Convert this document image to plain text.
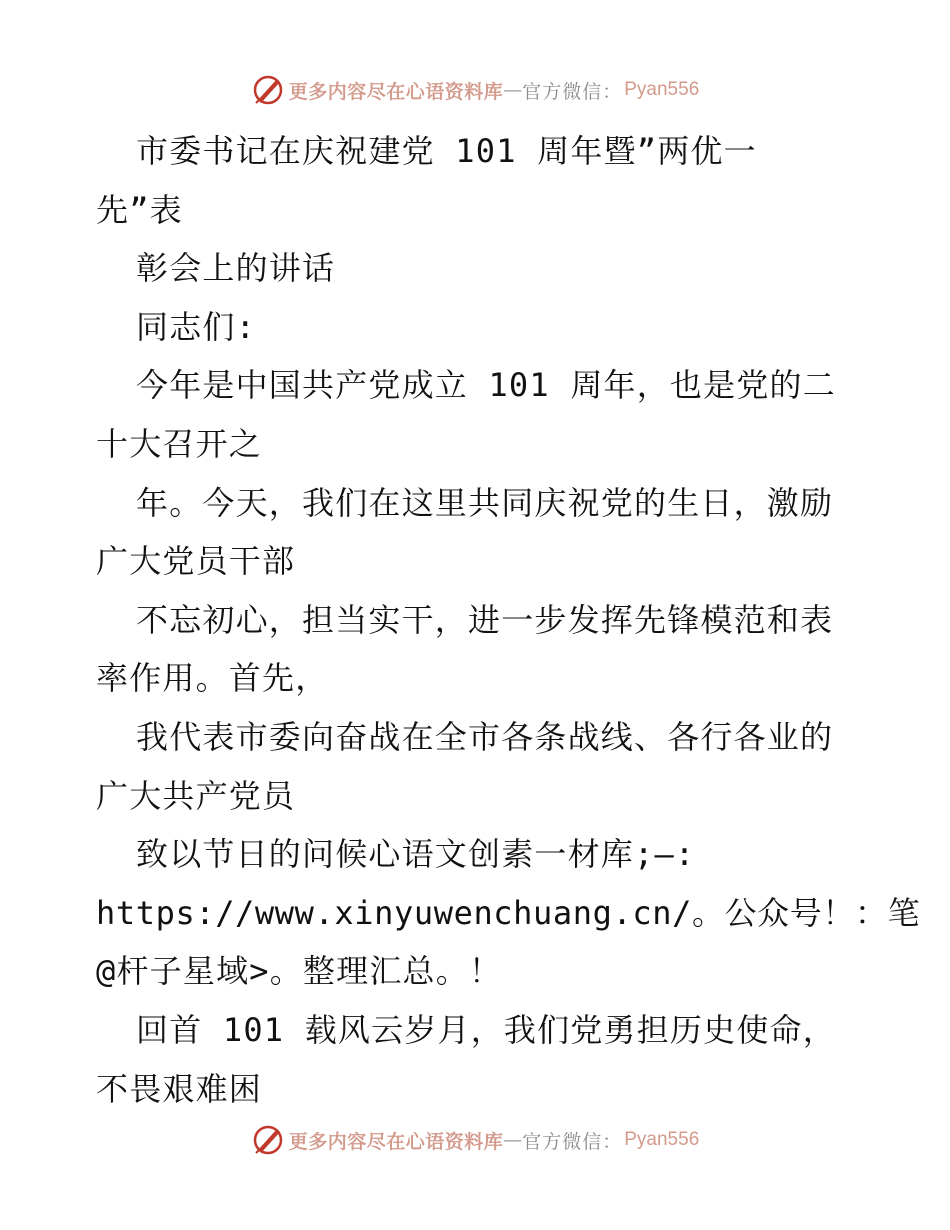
更多内容尽在心语资料库 — 官方微信： Pyan556
市委书记在庆祝建党 101 周年暨”两优一
先”表
彰会上的讲话
同志们:
今年是中国共产党成立 101 周年，也是党的二
十大召开之
年。今天，我们在这里共同庆祝党的生日，激励
广大党员干部
不忘初心，担当实干，进一步发挥先锋模范和表
率作用。首先，
我代表市委向奋战在全市各条战线、各行各业的
广大共产党员
致以节日的问候心语文创素一材库;—:
https://www.xinyuwenchuang.cn/。公众号！：笔
@杆子星域>。整理汇总。！
回首 101 载风云岁月，我们党勇担历史使命，
不畏艰难困
更多内容尽在心语资料库 — 官方微信： Pyan556
